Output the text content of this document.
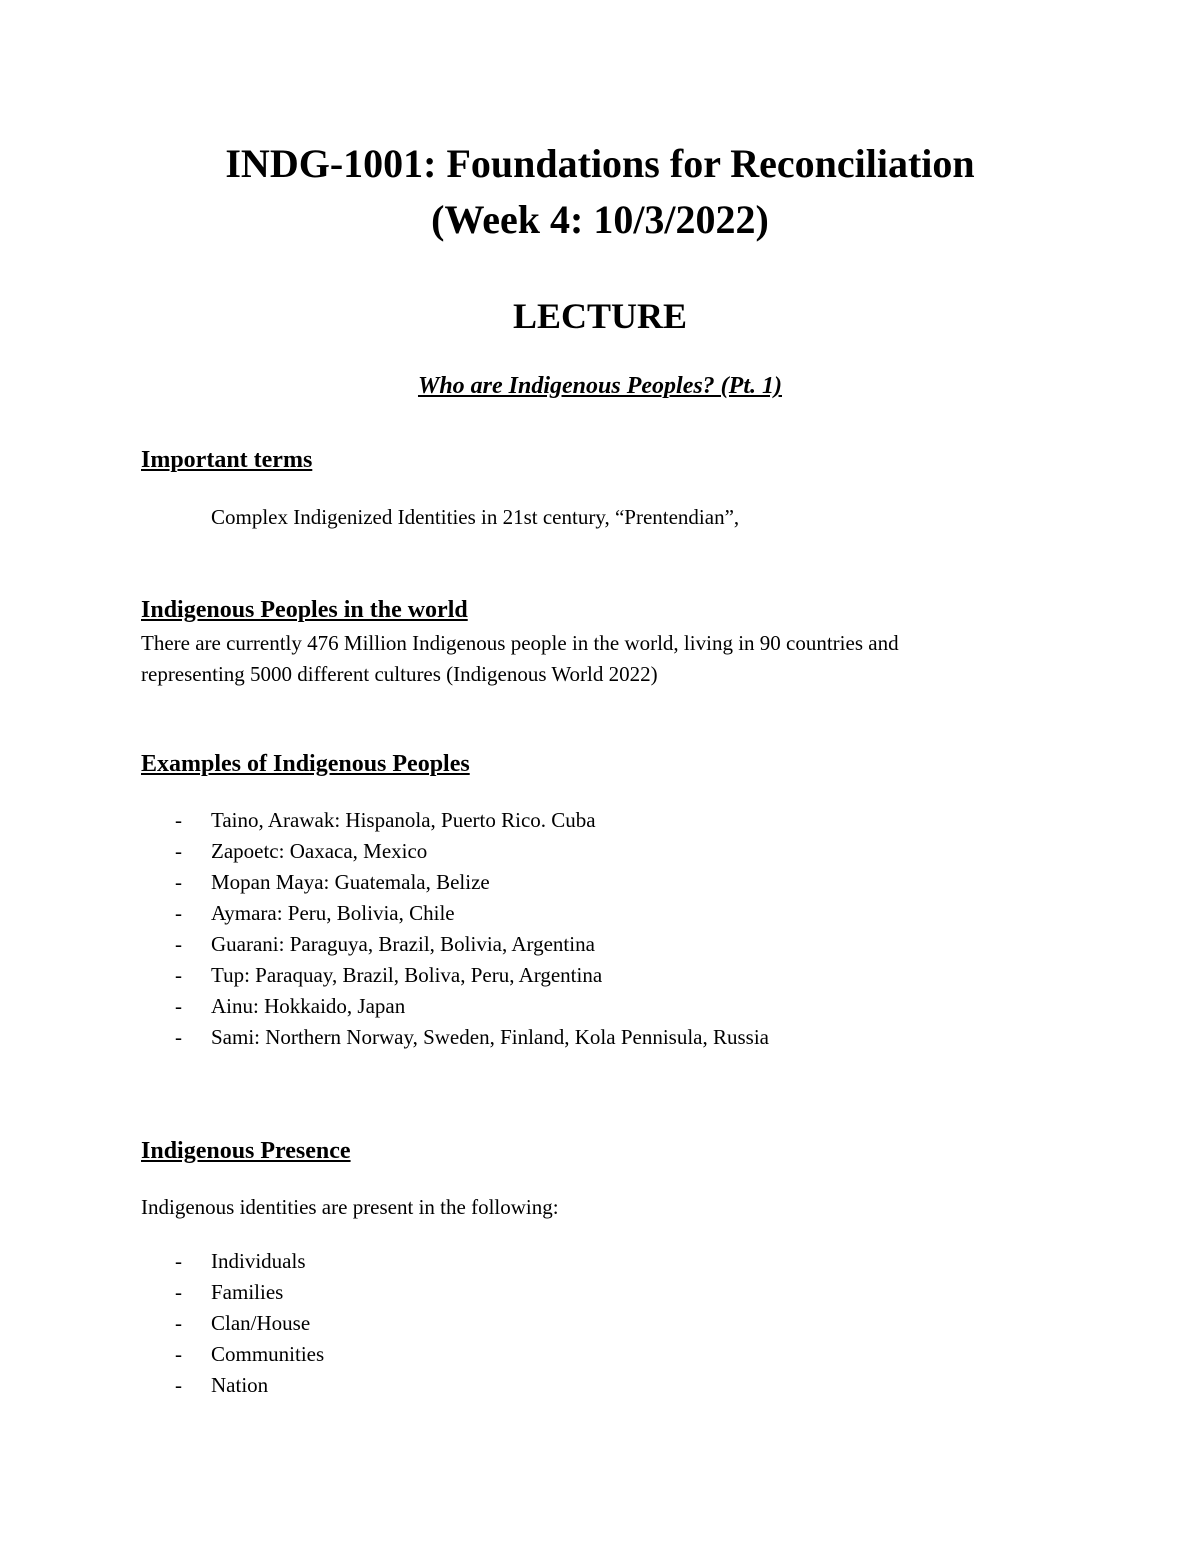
INDG-1001: Foundations for Reconciliation
(Week 4: 10/3/2022)
LECTURE

Who are Indigenous Peoples? (Pt. 1)

Important terms

Complex Indigenized Identities in 21st century, “Prentendian”,

Indigenous Peoples in the world

There are currently 476 Million Indigenous people in the world, living in 90 countries and

representing 5000 different cultures (Indigenous World 2022)

Examples of Indigenous Peoples
- Taino, Arawak: Hispanola, Puerto Rico. Cuba
- Zapoetc: Oaxaca, Mexico
- Mopan Maya: Guatemala, Belize
- Aymara: Peru, Bolivia, Chile
- Guarani: Paraguya, Brazil, Bolivia, Argentina
- Tup: Paraquay, Brazil, Boliva, Peru, Argentina
- Ainu: Hokkaido, Japan
- Sami: Northern Norway, Sweden, Finland, Kola Pennisula, Russia
Indigenous Presence

Indigenous identities are present in the following:

- Individuals
- Families
- Clan/House
- Communities
- Nation
